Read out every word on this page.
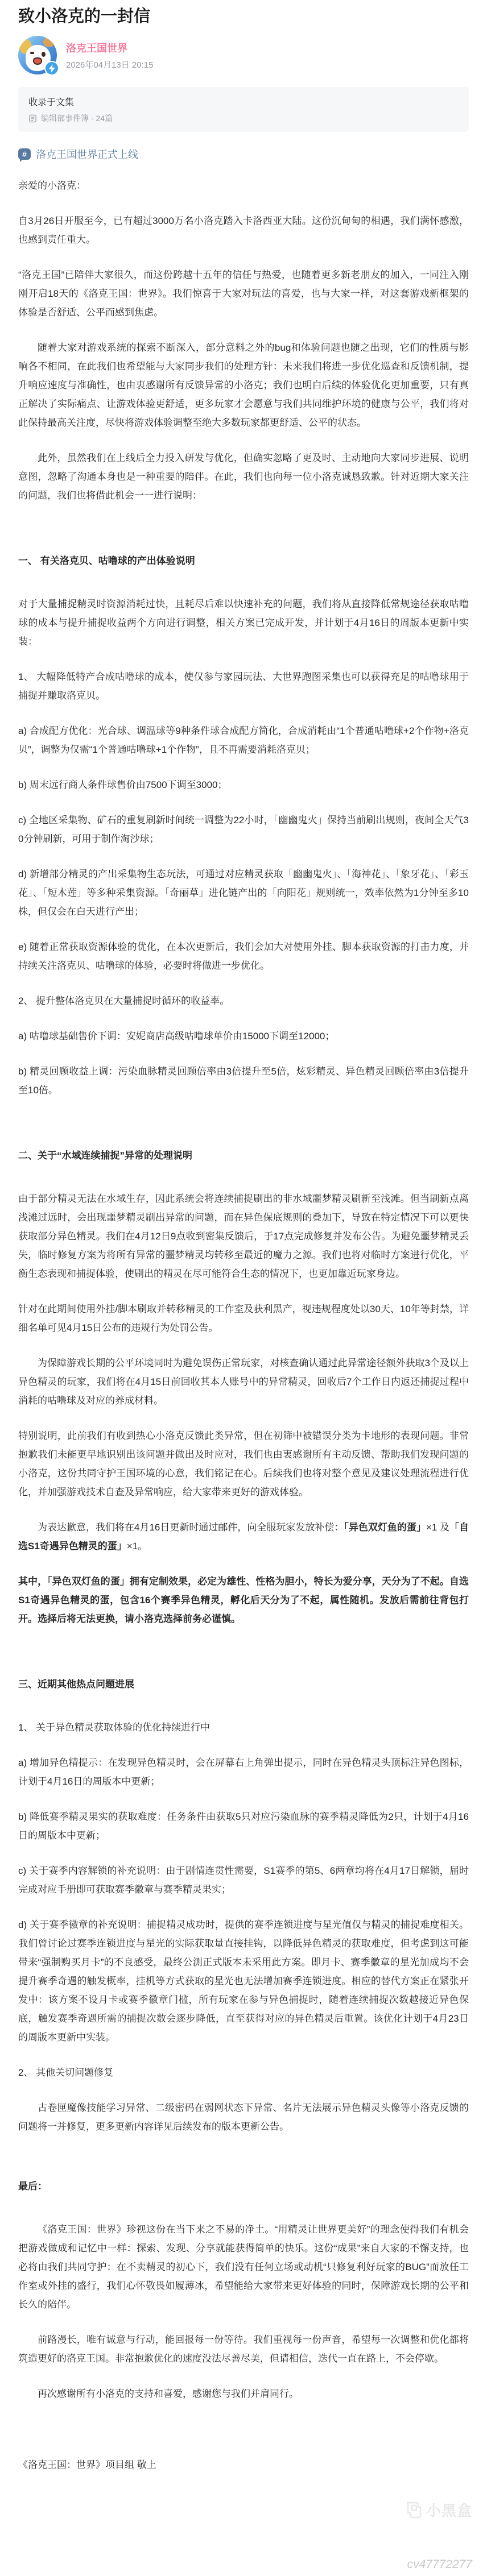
致小洛克的一封信
洛克王国世界
2026年04月13日 20:15
收录于文集
编辑部事件簿 · 24篇
# 洛克王国世界正式上线

亲爱的小洛克：

自3月26日开服至今，已有超过3000万名小洛克踏入卡洛西亚大陆。这份沉甸甸的相遇，我们满怀感激，也感到责任重大。

“洛克王国”已陪伴大家很久，而这份跨越十五年的信任与热爱，也随着更多新老朋友的加入，一同注入刚刚开启18天的《洛克王国：世界》。我们惊喜于大家对玩法的喜爱，也与大家一样，对这套游戏新框架的体验是否舒适、公平而感到焦虑。

随着大家对游戏系统的探索不断深入，部分意料之外的bug和体验问题也随之出现，它们的性质与影响各不相同，在此我们也希望能与大家同步我们的处理方针：未来我们将进一步优化巡查和反馈机制，提升响应速度与准确性，也由衷感谢所有反馈异常的小洛克；我们也明白后续的体验优化更加重要，只有真正解决了实际痛点、让游戏体验更舒适，更多玩家才会愿意与我们共同维护环境的健康与公平，我们将对此保持最高关注度，尽快将游戏体验调整至绝大多数玩家都更舒适、公平的状态。

此外，虽然我们在上线后全力投入研发与优化，但确实忽略了更及时、主动地向大家同步进展、说明意图，忽略了沟通本身也是一种重要的陪伴。在此，我们也向每一位小洛克诚恳致歉。针对近期大家关注的问题，我们也将借此机会一一进行说明：

一、 有关洛克贝、咕噜球的产出体验说明

对于大量捕捉精灵时资源消耗过快，且耗尽后难以快速补充的问题，我们将从直接降低常规途径获取咕噜球的成本与提升捕捉收益两个方向进行调整，相关方案已完成开发，并计划于4月16日的周版本更新中实装：

1、 大幅降低特产合成咕噜球的成本，使仅参与家园玩法、大世界跑图采集也可以获得充足的咕噜球用于捕捉并赚取洛克贝。

a) 合成配方优化：光合球、调温球等9种条件球合成配方简化，合成消耗由“1个普通咕噜球+2个作物+洛克贝”，调整为仅需“1个普通咕噜球+1个作物”，且不再需要消耗洛克贝；

b) 周末远行商人条件球售价由7500下调至3000；

c) 全地区采集物、矿石的重复刷新时间统一调整为22小时，「幽幽鬼火」保持当前刷出规则，夜间全天气30分钟刷新，可用于制作淘沙球；

d) 新增部分精灵的产出采集物生态玩法，可通过对应精灵获取「幽幽鬼火」、「海神花」、「象牙花」、「彩玉花」、「短木莲」等多种采集资源。「奇丽草」进化链产出的「向阳花」规则统一，效率依然为1分钟至多10株，但仅会在白天进行产出；

e) 随着正常获取资源体验的优化，在本次更新后，我们会加大对使用外挂、脚本获取资源的打击力度，并持续关注洛克贝、咕噜球的体验，必要时将做进一步优化。

2、 提升整体洛克贝在大量捕捉时循环的收益率。

a) 咕噜球基础售价下调：安妮商店高级咕噜球单价由15000下调至12000；

b) 精灵回顾收益上调：污染血脉精灵回顾倍率由3倍提升至5倍，炫彩精灵、异色精灵回顾倍率由3倍提升至10倍。

二、关于“水域连续捕捉”异常的处理说明

由于部分精灵无法在水域生存，因此系统会将连续捕捉刷出的非水域噩梦精灵刷新至浅滩。但当刷新点离浅滩过远时，会出现噩梦精灵刷出异常的问题，而在异色保底规则的叠加下，导致在特定情况下可以更快获取部分异色精灵。我们在4月12日9点收到密集反馈后，于17点完成修复并发布公告。为避免噩梦精灵丢失，临时修复方案为将所有异常的噩梦精灵均转移至最近的魔力之源。我们也将对临时方案进行优化，平衡生态表现和捕捉体验，使刷出的精灵在尽可能符合生态的情况下，也更加靠近玩家身边。

针对在此期间使用外挂/脚本刷取并转移精灵的工作室及获利黑产，视违规程度处以30天、10年等封禁，详细名单可见4月15日公布的违规行为处罚公告。

为保障游戏长期的公平环境同时为避免误伤正常玩家，对核查确认通过此异常途径额外获取3个及以上异色精灵的玩家，我们将在4月15日前回收其本人账号中的异常精灵，回收后7个工作日内返还捕捉过程中消耗的咕噜球及对应的养成材料。

特别说明，此前我们有收到热心小洛克反馈此类异常，但在初筛中被错误分类为卡地形的表现问题。非常抱歉我们未能更早地识别出该问题并做出及时应对，我们也由衷感谢所有主动反馈、帮助我们发现问题的小洛克，这份共同守护王国环境的心意，我们铭记在心。后续我们也将对整个意见及建议处理流程进行优化，并加强游戏技术自查及异常响应，给大家带来更好的游戏体验。

为表达歉意，我们将在4月16日更新时通过邮件，向全服玩家发放补偿：「异色双灯鱼的蛋」×1 及「自选S1奇遇异色精灵的蛋」×1。

其中，「异色双灯鱼的蛋」拥有定制效果，必定为雄性、性格为胆小，特长为爱分享，天分为了不起。自选S1奇遇异色精灵的蛋，包含16个赛季异色精灵，孵化后天分为了不起，属性随机。发放后需前往背包打开。选择后将无法更换，请小洛克选择前务必谨慎。

三、近期其他热点问题进展

1、 关于异色精灵获取体验的优化持续进行中

a) 增加异色精提示：在发现异色精灵时，会在屏幕右上角弹出提示，同时在异色精灵头顶标注异色图标，计划于4月16日的周版本中更新；

b) 降低赛季精灵果实的获取难度：任务条件由获取5只对应污染血脉的赛季精灵降低为2只，计划于4月16日的周版本中更新；

c) 关于赛季内容解锁的补充说明：由于剧情连贯性需要，S1赛季的第5、6两章均将在4月17日解锁，届时完成对应手册即可获取赛季徽章与赛季精灵果实；

d) 关于赛季徽章的补充说明：捕捉精灵成功时，提供的赛季连锁进度与星光值仅与精灵的捕捉难度相关。我们曾讨论过赛季连锁进度与星光的实际获取量直接挂钩，以降低异色精灵的获取难度，但考虑到这可能带来“强制购买月卡”的不良感受，最终公测正式版本未采用此方案。即月卡、赛季徽章的星光加成均不会提升赛季奇遇的触发概率，挂机等方式获取的星光也无法增加赛季连锁进度。相应的替代方案正在紧张开发中：该方案不设月卡或赛季徽章门槛，所有玩家在参与异色捕捉时，随着连续捕捉次数越接近异色保底，触发赛季奇遇所需的捕捉次数会逐步降低，直至获得对应的异色精灵后重置。该优化计划于4月23日的周版本更新中实装。

2、 其他关切问题修复

古卷匣魔像技能学习异常、二级密码在弱网状态下异常、名片无法展示异色精灵头像等小洛克反馈的问题将一并修复，更多更新内容详见后续发布的版本更新公告。

最后：

《洛克王国：世界》珍视这份在当下来之不易的净土。“用精灵让世界更美好”的理念使得我们有机会把游戏做成和记忆中一样：探索、发现、分享就能获得简单的快乐。这份“成果”来自大家的不懈支持，也必将由我们共同守护：在不卖精灵的初心下，我们没有任何立场或动机“只修复利好玩家的BUG”而放任工作室或外挂的盛行，我们心怀敬畏如履薄冰，希望能给大家带来更好体验的同时，保障游戏长期的公平和长久的陪伴。

前路漫长，唯有诚意与行动，能回报每一份等待。我们重视每一份声音，希望每一次调整和优化都将筑造更好的洛克王国。非常抱歉优化的速度没法尽善尽美，但请相信，迭代一直在路上，不会停歇。

再次感谢所有小洛克的支持和喜爱，感谢您与我们并肩同行。

《洛克王国：世界》项目组 敬上

小黑盒
cv47772277
